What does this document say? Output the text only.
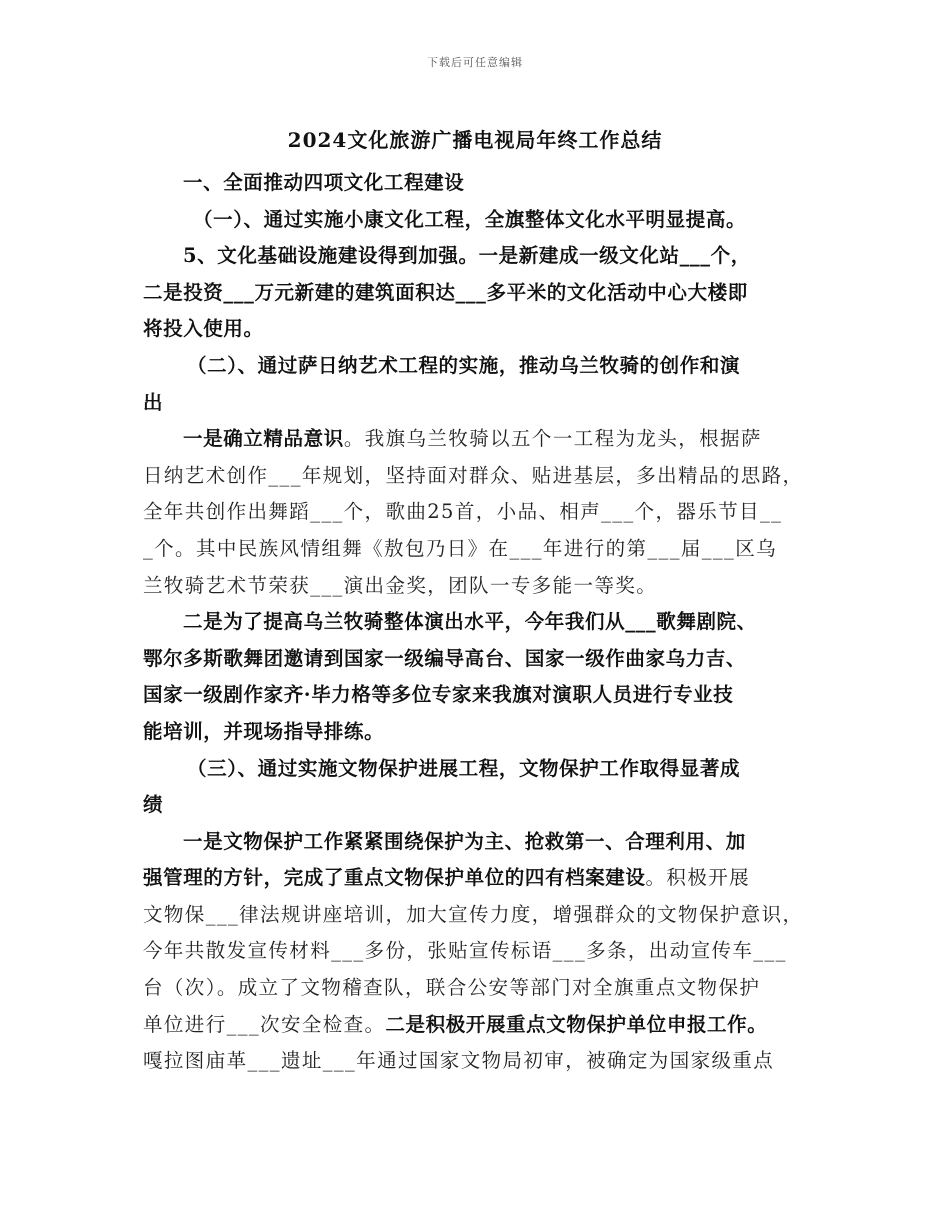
下载后可任意编辑
2024文化旅游广播电视局年终工作总结
一、全面推动四项文化工程建设
（一）、通过实施小康文化工程，全旗整体文化水平明显提高。
5、文化基础设施建设得到加强。一是新建成一级文化站___个，
二是投资___万元新建的建筑面积达___多平米的文化活动中心大楼即
将投入使用。
（二）、通过萨日纳艺术工程的实施，推动乌兰牧骑的创作和演
出
一是确立精品意识。我旗乌兰牧骑以五个一工程为龙头，根据萨
日纳艺术创作___年规划，坚持面对群众、贴进基层，多出精品的思路，
全年共创作出舞蹈___个，歌曲25首，小品、相声___个，器乐节目__
_个。其中民族风情组舞《敖包乃日》在___年进行的第___届___区乌
兰牧骑艺术节荣获___演出金奖，团队一专多能一等奖。
二是为了提高乌兰牧骑整体演出水平，今年我们从___歌舞剧院、
鄂尔多斯歌舞团邀请到国家一级编导高台、国家一级作曲家乌力吉、
国家一级剧作家齐·毕力格等多位专家来我旗对演职人员进行专业技
能培训，并现场指导排练。
（三）、通过实施文物保护进展工程，文物保护工作取得显著成
绩
一是文物保护工作紧紧围绕保护为主、抢救第一、合理利用、加
强管理的方针，完成了重点文物保护单位的四有档案建设。积极开展
文物保___律法规讲座培训，加大宣传力度，增强群众的文物保护意识，
今年共散发宣传材料___多份，张贴宣传标语___多条，出动宣传车___
台（次）。成立了文物稽查队，联合公安等部门对全旗重点文物保护
单位进行___次安全检查。二是积极开展重点文物保护单位申报工作。
嘎拉图庙革___遗址___年通过国家文物局初审，被确定为国家级重点
